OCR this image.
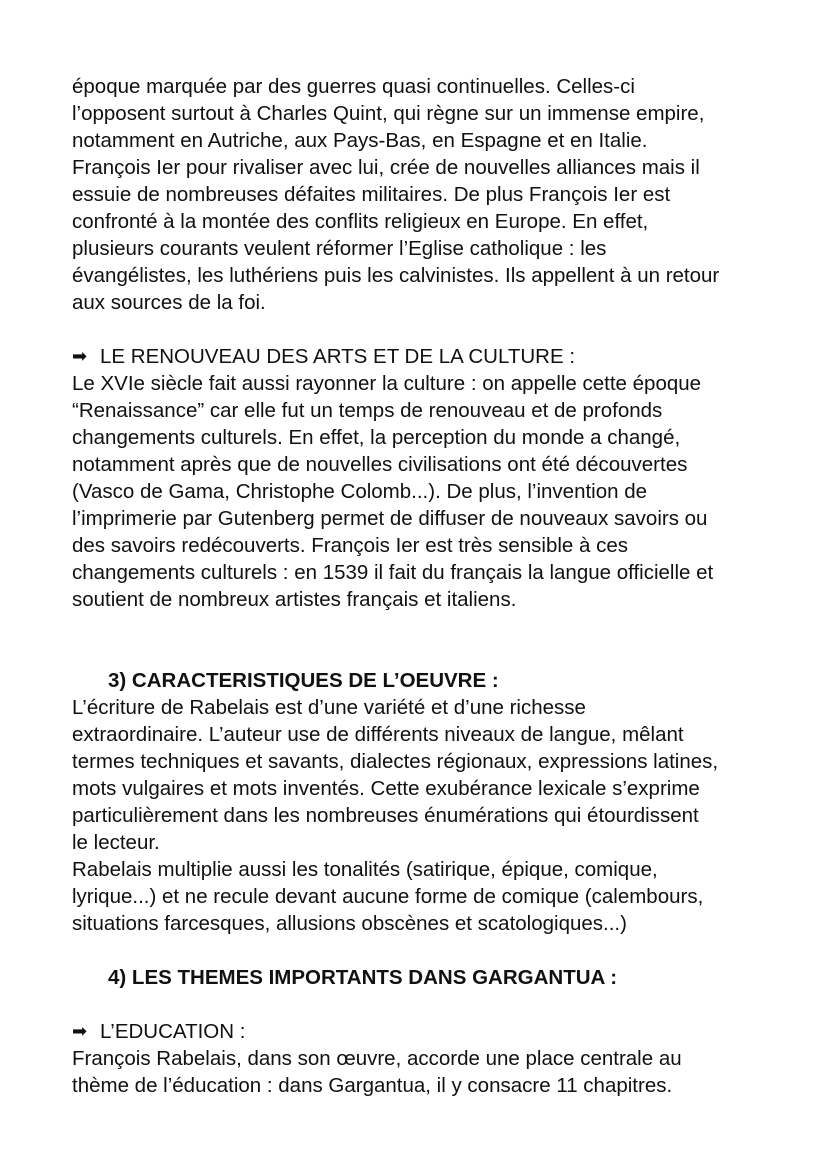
époque marquée par des guerres quasi continuelles. Celles-ci
l’opposent surtout à Charles Quint, qui règne sur un immense empire,
notamment en Autriche, aux Pays-Bas, en Espagne et en Italie.
François Ier pour rivaliser avec lui, crée de nouvelles alliances mais il
essuie de nombreuses défaites militaires. De plus François Ier est
confronté à la montée des conflits religieux en Europe. En effet,
plusieurs courants veulent réformer l’Eglise catholique : les
évangélistes, les luthériens puis les calvinistes. Ils appellent à un retour
aux sources de la foi.
➡ LE RENOUVEAU DES ARTS ET DE LA CULTURE :
Le XVIe siècle fait aussi rayonner la culture : on appelle cette époque
“Renaissance” car elle fut un temps de renouveau et de profonds
changements culturels. En effet, la perception du monde a changé,
notamment après que de nouvelles civilisations ont été découvertes
(Vasco de Gama, Christophe Colomb...). De plus, l’invention de
l’imprimerie par Gutenberg permet de diffuser de nouveaux savoirs ou
des savoirs redécouverts. François Ier est très sensible à ces
changements culturels : en 1539 il fait du français la langue officielle et
soutient de nombreux artistes français et italiens.
3) CARACTERISTIQUES DE L’OEUVRE :
L’écriture de Rabelais est d’une variété et d’une richesse
extraordinaire. L’auteur use de différents niveaux de langue, mêlant
termes techniques et savants, dialectes régionaux, expressions latines,
mots vulgaires et mots inventés. Cette exubérance lexicale s’exprime
particulièrement dans les nombreuses énumérations qui étourdissent
le lecteur.
Rabelais multiplie aussi les tonalités (satirique, épique, comique,
lyrique...) et ne recule devant aucune forme de comique (calembours,
situations farcesques, allusions obscènes et scatologiques...)
4) LES THEMES IMPORTANTS DANS GARGANTUA :
➡ L’EDUCATION :
François Rabelais, dans son œuvre, accorde une place centrale au
thème de l’éducation : dans Gargantua, il y consacre 11 chapitres.
